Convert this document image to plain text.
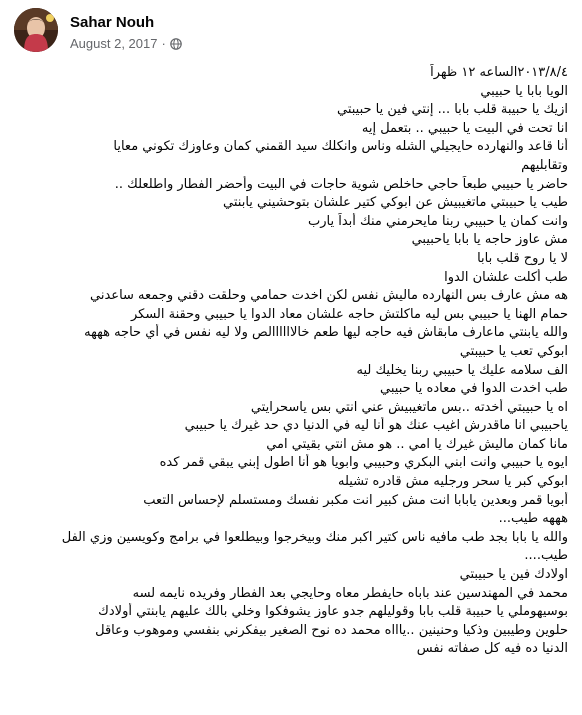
Sahar Nouh
August 2, 2017 ·
٢٠١٣/٨/٤الساعه ١٢ ظهراً
الويا بابا يا حبيبي
ازيك يا حبيبة قلب بابا ... إنتي فين يا حبيبتي
انا تحت في البيت يا حبيبي .. بتعمل إيه
أنا قاعد والنهارده حايجيلي الشله وناس وانكلك سيد القمني كمان وعاوزك تكوني معايا
وتقابليهم
حاضر يا حبيبي طبعاً حاجي حاخلص شوية حاجات في البيت وأحضر الفطار واطلعلك ..
طيب يا حبيبتي ماتغيبيش عن ابوكي كتير علشان بتوحشيني يابنتي
وانت كمان يا حبيبي ربنا مايحرمني منك أبداً يارب
مش عاوز حاجه يا بابا ياحبيبي
لا يا روح قلب بابا
طب أكلت علشان الدوا
هه مش عارف بس النهارده ماليش نفس لكن اخدت حمامي وحلقت دقني وجمعه ساعدني
حمام الهنا يا حبيبي بس ليه ماكلتش حاجه علشان معاد الدوا يا حبيبي وحقنة السكر
والله يابنتي ماعارف مابقاش فيه حاجه ليها طعم خالاااااالص ولا ليه نفس في أي حاجه هههه
ابوكي تعب يا حبيبتي
الف سلامه عليك يا حبيبي ربنا يخليك ليه
طب اخدت الدوا في معاده يا حبيبي
اه يا حبيبتي أخدته ..بس ماتغيبيش عني انتي بس ياسحرايتي
ياحبيبي انا ماقدرش اغيب عنك هو أنا ليه في الدنيا دي حد غيرك يا حبيبي
مانا كمان ماليش غيرك يا امي .. هو مش انتي بقيتي امي
ايوه يا حبيبي وانت ابني البكري وحبيبي وابويا هو أنا اطول إبني يبقي قمر كده
ابوكي كبر يا سحر ورجليه مش قادره تشيله
أبويا قمر وبعدين يابابا انت مش كبير انت مكبر نفسك ومستسلم لإحساس التعب
هههه طيب...
والله يا بابا بجد طب مافيه ناس كتير اكبر منك وبيخرجوا وبيطلعوا في برامج وكويسين وزي الفل
طيب....
اولادك فين يا حبيبتي
محمد في المهندسين عند باباه حايفطر معاه وحايجي بعد الفطار وفريده نايمه لسه
بوسيهوملي يا حبيبة قلب بابا وقوليلهم جدو عاوز يشوفكوا وخلي بالك عليهم يابنتي أولادك
حلوين وطيبين وذكيا وحنينين ..ياااه محمد ده نوح الصغير بيفكرني بنفسي وموهوب وعاقل
الدنيا ده فيه كل صفاته نفس
